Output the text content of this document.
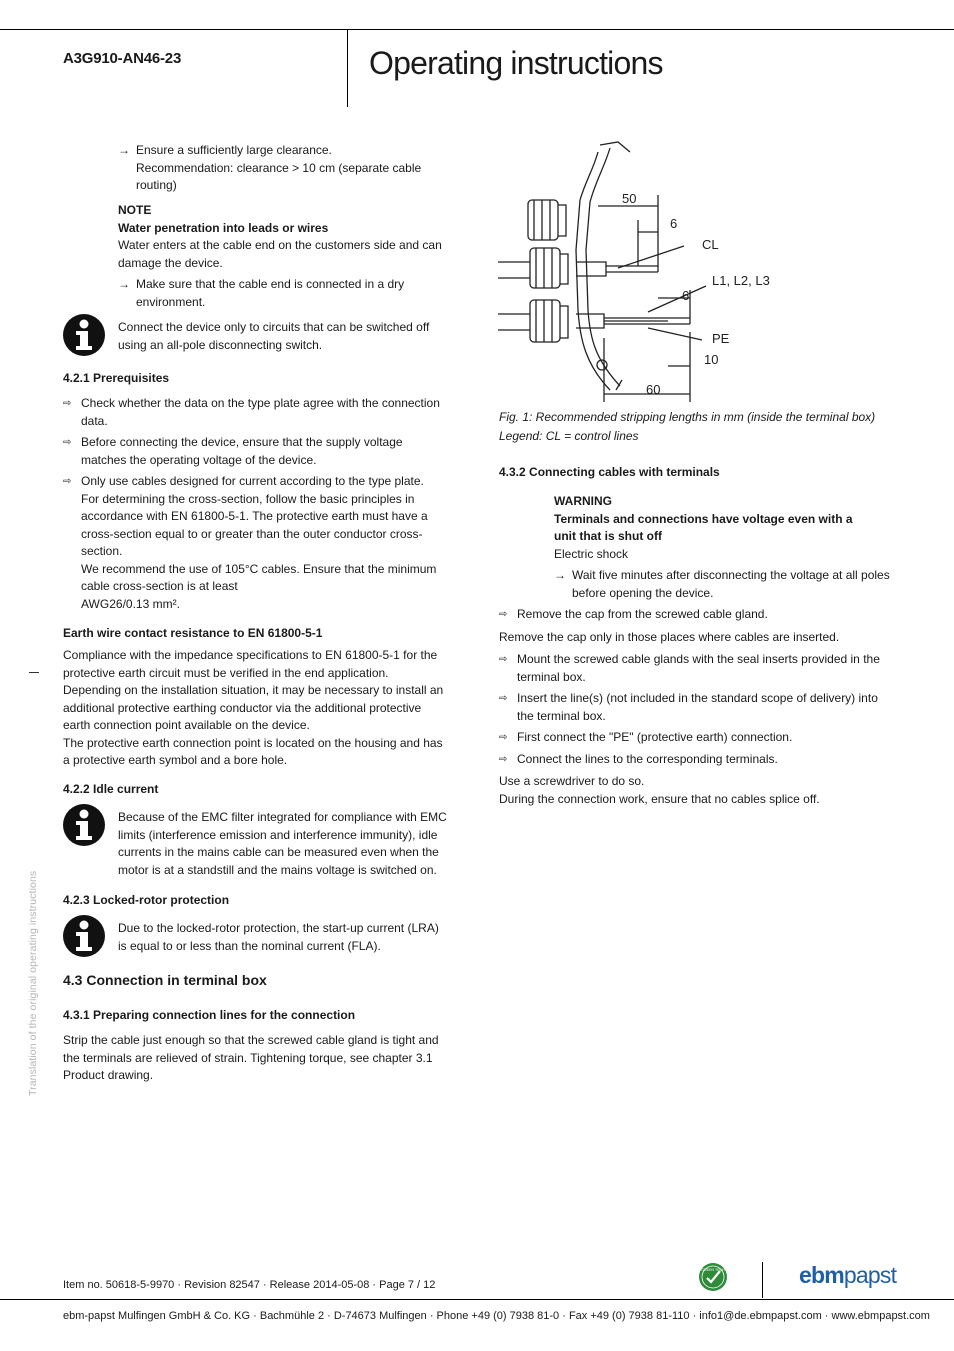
A3G910-AN46-23	Operating instructions
Translation of the original operating instructions
→ Ensure a sufficiently large clearance.

Recommendation: clearance > 10 cm (separate cable routing)

NOTE

Water penetration into leads or wires

Water enters at the cable end on the customers side and can damage the device.

→ Make sure that the cable end is connected in a dry environment.

Connect the device only to circuits that can be switched off using an all-pole disconnecting switch.
4.2.1 Prerequisites
⇨ Check whether the data on the type plate agree with the connection data.

⇨ Before connecting the device, ensure that the supply voltage matches the operating voltage of the device.

⇨ Only use cables designed for current according to the type plate.
For determining the cross-section, follow the basic principles in accordance with EN 61800-5-1. The protective earth must have a cross-section equal to or greater than the outer conductor cross-section.
We recommend the use of 105°C cables. Ensure that the minimum cable cross-section is at least
AWG26/0.13 mm².

Earth wire contact resistance to EN 61800-5-1
Compliance with the impedance specifications to EN 61800-5-1 for the protective earth circuit must be verified in the end application.
Depending on the installation situation, it may be necessary to install an additional protective earthing conductor via the additional protective earth connection point available on the device.
The protective earth connection point is located on the housing and has a protective earth symbol and a bore hole.
4.2.2 Idle current
Because of the EMC filter integrated for compliance with EMC limits (interference emission and interference immunity), idle currents in the mains cable can be measured even when the motor is at a standstill and the mains voltage is switched on.
4.2.3 Locked-rotor protection
Due to the locked-rotor protection, the start-up current (LRA) is equal to or less than the nominal current (FLA).
4.3 Connection in terminal box
4.3.1 Preparing connection lines for the connection
Strip the cable just enough so that the screwed cable gland is tight and the terminals are relieved of strain. Tightening torque, see chapter 3.1 Product drawing.
50
6
CL
L1, L2, L3
6
PE
10
60
Fig. 1: Recommended stripping lengths in mm (inside the terminal box)
Legend: CL = control lines
4.3.2 Connecting cables with terminals

WARNING

Terminals and connections have voltage even with a unit that is shut off

Electric shock

→ Wait five minutes after disconnecting the voltage at all poles before opening the device.

⇨ Remove the cap from the screwed cable gland.

Remove the cap only in those places where cables are inserted.

⇨ Mount the screwed cable glands with the seal inserts provided in the terminal box.

⇨ Insert the line(s) (not included in the standard scope of delivery) into the terminal box.

⇨ First connect the "PE" (protective earth) connection.

⇨ Connect the lines to the corresponding terminals.

Use a screwdriver to do so.
During the connection work, ensure that no cables splice off.

Item no. 50618-5-9970 · Revision 82547 · Release 2014-05-08 · Page 7 / 12
GREEN TECH	ebmpapst
ebm-papst Mulfingen GmbH & Co. KG · Bachmühle 2 · D-74673 Mulfingen · Phone +49 (0) 7938 81-0 · Fax +49 (0) 7938 81-110 · info1@de.ebmpapst.com · www.ebmpapst.com
